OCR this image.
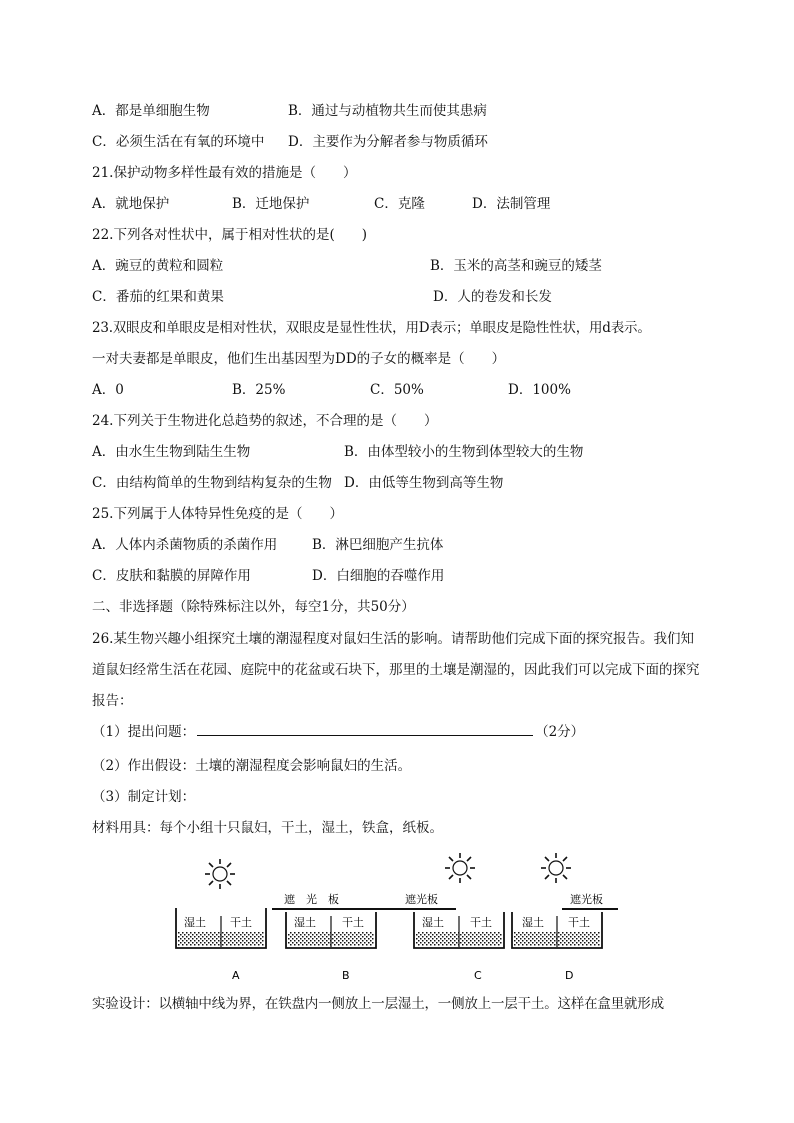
A．都是单细胞生物	B．通过与动植物共生而使其患病
C．必须生活在有氧的环境中 D．主要作为分解者参与物质循环
21.保护动物多样性最有效的措施是（　　）
A．就地保护	B．迁地保护	C．克隆	D．法制管理
22.下列各对性状中，属于相对性状的是(　　)
A．豌豆的黄粒和圆粒	B．玉米的高茎和豌豆的矮茎
C．番茄的红果和黄果	D．人的卷发和长发
23.双眼皮和单眼皮是相对性状，双眼皮是显性性状，用D表示；单眼皮是隐性性状，用d表示。
一对夫妻都是单眼皮，他们生出基因型为DD的子女的概率是（　　）
A．0	B．25%	C．50%	D．100%
24.下列关于生物进化总趋势的叙述，不合理的是（　　）
A．由水生生物到陆生生物	B．由体型较小的生物到体型较大的生物
C．由结构简单的生物到结构复杂的生物 D．由低等生物到高等生物
25.下列属于人体特异性免疫的是（　　）
A．人体内杀菌物质的杀菌作用	B．淋巴细胞产生抗体
C．皮肤和黏膜的屏障作用	D．白细胞的吞噬作用
二、非选择题（除特殊标注以外，每空1分，共50分）
26.某生物兴趣小组探究土壤的潮湿程度对鼠妇生活的影响。请帮助他们完成下面的探究报告。我们知道鼠妇经常生活在花园、庭院中的花盆或石块下，那里的土壤是潮湿的，因此我们可以完成下面的探究报告：
（1）提出问题：	（2分）
（2）作出假设：土壤的潮湿程度会影响鼠妇的生活。
（3）制定计划：
材料用具：每个小组十只鼠妇，干土，湿土，铁盒，纸板。
湿土 干土
A
遮　光　板
湿土 干土
B
遮光板
湿土 干土
C
遮光板
湿土 干土
D
实验设计：以横轴中线为界，在铁盘内一侧放上一层湿土，一侧放上一层干土。这样在盒里就形成
